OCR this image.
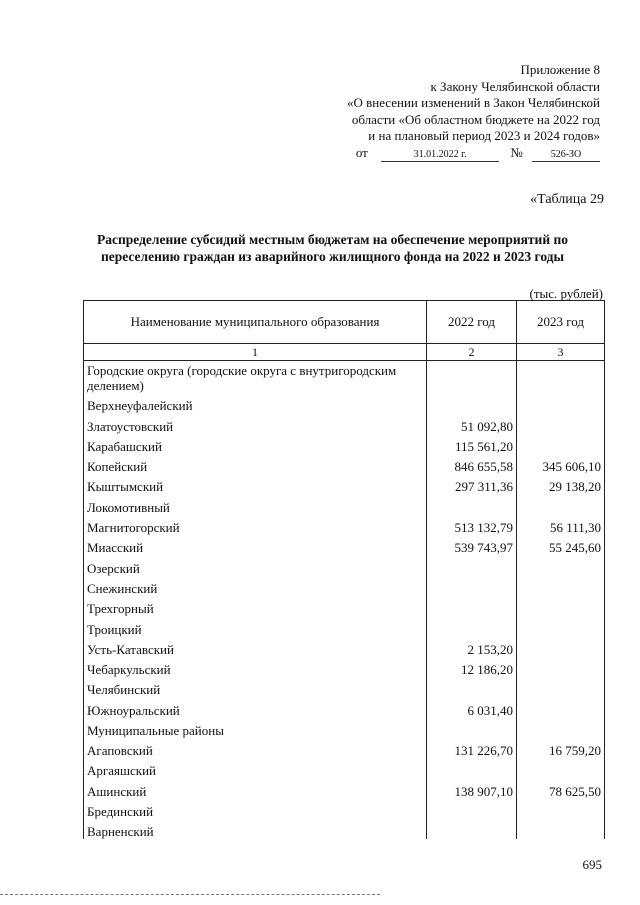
Приложение 8
к Закону Челябинской области
«О внесении изменений в Закон Челябинской
области «Об областном бюджете на 2022 год
и на плановый период 2023 и 2024 годов»
от	31.01.2022 г.	№	526-ЗО
«Таблица 29
Распределение субсидий местным бюджетам на обеспечение мероприятий по переселению граждан из аварийного жилищного фонда на 2022 и 2023 годы
(тыс. рублей)
Наименование муниципального образования	2022 год	2023 год
1	2	3
Городские округа (городские округа с внутригородским делением)		
Верхнеуфалейский		
Златоустовский	51 092,80	
Карабашский	115 561,20	
Копейский	846 655,58	345 606,10
Кыштымский	297 311,36	29 138,20
Локомотивный		
Магнитогорский	513 132,79	56 111,30
Миасский	539 743,97	55 245,60
Озерский		
Снежинский		
Трехгорный		
Троицкий		
Усть-Катавский	2 153,20	
Чебаркульский	12 186,20	
Челябинский		
Южноуральский	6 031,40	
Муниципальные районы		
Агаповский	131 226,70	16 759,20
Аргаяшский		
Ашинский	138 907,10	78 625,50
Брединский		
Варненский		
695
